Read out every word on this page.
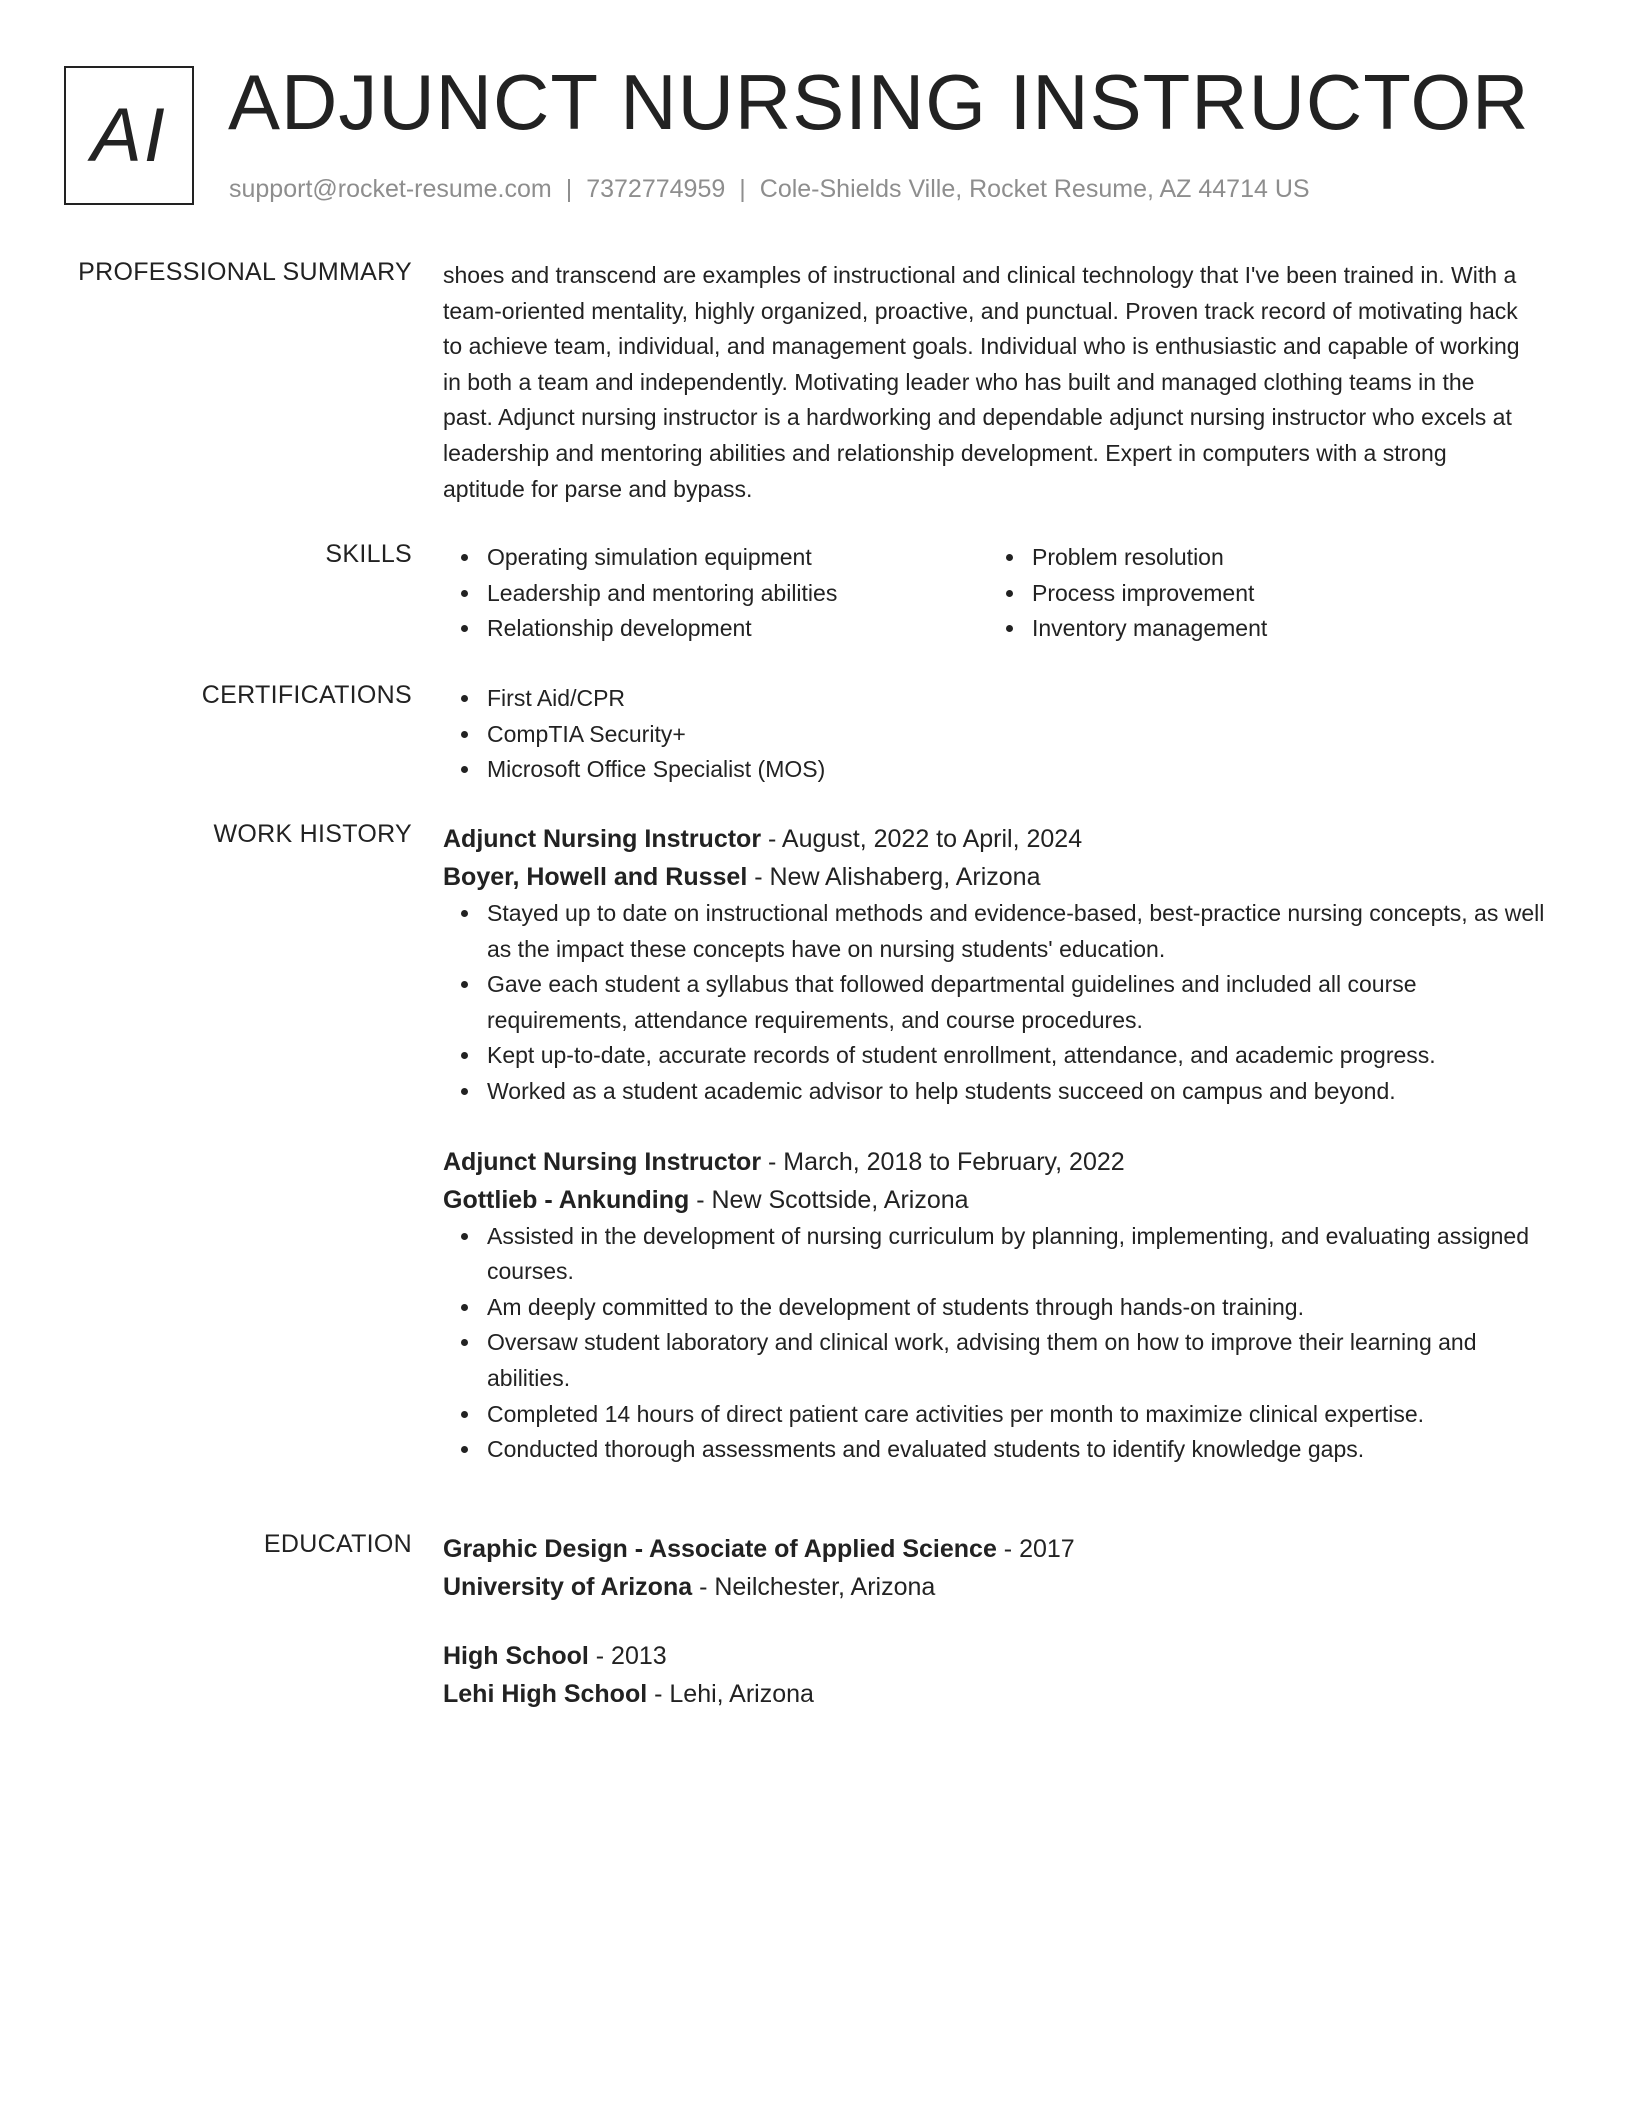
AI ADJUNCT NURSING INSTRUCTOR
support@rocket-resume.com | 7372774959 | Cole-Shields Ville, Rocket Resume, AZ 44714 US
PROFESSIONAL SUMMARY shoes and transcend are examples of instructional and clinical technology that I've been trained in. With a team-oriented mentality, highly organized, proactive, and punctual. Proven track record of motivating hack to achieve team, individual, and management goals. Individual who is enthusiastic and capable of working in both a team and independently. Motivating leader who has built and managed clothing teams in the past. Adjunct nursing instructor is a hardworking and dependable adjunct nursing instructor who excels at leadership and mentoring abilities and relationship development. Expert in computers with a strong aptitude for parse and bypass.

SKILLS	Operating simulation equipment
Leadership and mentoring abilities
Relationship development
Problem resolution
Process improvement
Inventory management
CERTIFICATIONS	First Aid/CPR
CompTIA Security+
Microsoft Office Specialist (MOS)
WORK HISTORY Adjunct Nursing Instructor - August, 2022 to April, 2024
Boyer, Howell and Russel - New Alishaberg, Arizona
Stayed up to date on instructional methods and evidence-based, best-practice nursing concepts, as well as the impact these concepts have on nursing students' education.
Gave each student a syllabus that followed departmental guidelines and included all course requirements, attendance requirements, and course procedures.
Kept up-to-date, accurate records of student enrollment, attendance, and academic progress.
Worked as a student academic advisor to help students succeed on campus and beyond.
Adjunct Nursing Instructor - March, 2018 to February, 2022
Gottlieb - Ankunding - New Scottside, Arizona
Assisted in the development of nursing curriculum by planning, implementing, and evaluating assigned courses.
Am deeply committed to the development of students through hands-on training.
Oversaw student laboratory and clinical work, advising them on how to improve their learning and abilities.
Completed 14 hours of direct patient care activities per month to maximize clinical expertise.
Conducted thorough assessments and evaluated students to identify knowledge gaps.
EDUCATION Graphic Design - Associate of Applied Science - 2017
University of Arizona - Neilchester, Arizona
High School - 2013
Lehi High School - Lehi, Arizona
